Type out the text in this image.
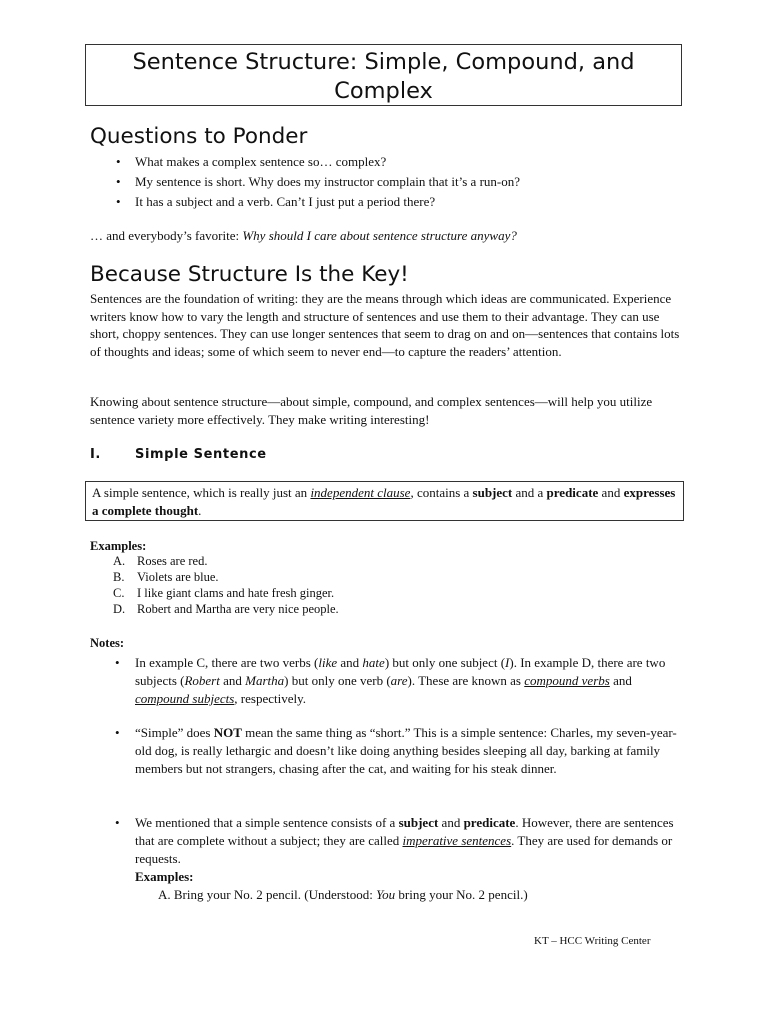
Sentence Structure: Simple, Compound, and Complex
Questions to Ponder
• What makes a complex sentence so… complex?
• My sentence is short. Why does my instructor complain that it’s a run-on?
• It has a subject and a verb. Can’t I just put a period there?

… and everybody’s favorite: Why should I care about sentence structure anyway?

Because Structure Is the Key!

Sentences are the foundation of writing: they are the means through which ideas are communicated. Experience writers know how to vary the length and structure of sentences and use them to their advantage. They can use short, choppy sentences. They can use longer sentences that seem to drag on and on—sentences that contains lots of thoughts and ideas; some of which seem to never end—to capture the readers’ attention.

Knowing about sentence structure—about simple, compound, and complex sentences—will help you utilize sentence variety more effectively. They make writing interesting!

I.	Simple Sentence
A simple sentence, which is really just an independent clause, contains a subject and a predicate and expresses a complete thought.
Examples:
A. Roses are red.
B. Violets are blue.
C. I like giant clams and hate fresh ginger.
D. Robert and Martha are very nice people.
Notes:
• In example C, there are two verbs (like and hate) but only one subject (I). In example D, there are two subjects (Robert and Martha) but only one verb (are). These are known as compound verbs and compound subjects, respectively.
• “Simple” does NOT mean the same thing as “short.” This is a simple sentence: Charles, my seven-year-old dog, is really lethargic and doesn’t like doing anything besides sleeping all day, barking at family members but not strangers, chasing after the cat, and waiting for his steak dinner.
• We mentioned that a simple sentence consists of a subject and predicate. However, there are sentences that are complete without a subject; they are called imperative sentences. They are used for demands or requests.
Examples:
A. Bring your No. 2 pencil. (Understood: You bring your No. 2 pencil.)
KT – HCC Writing Center
